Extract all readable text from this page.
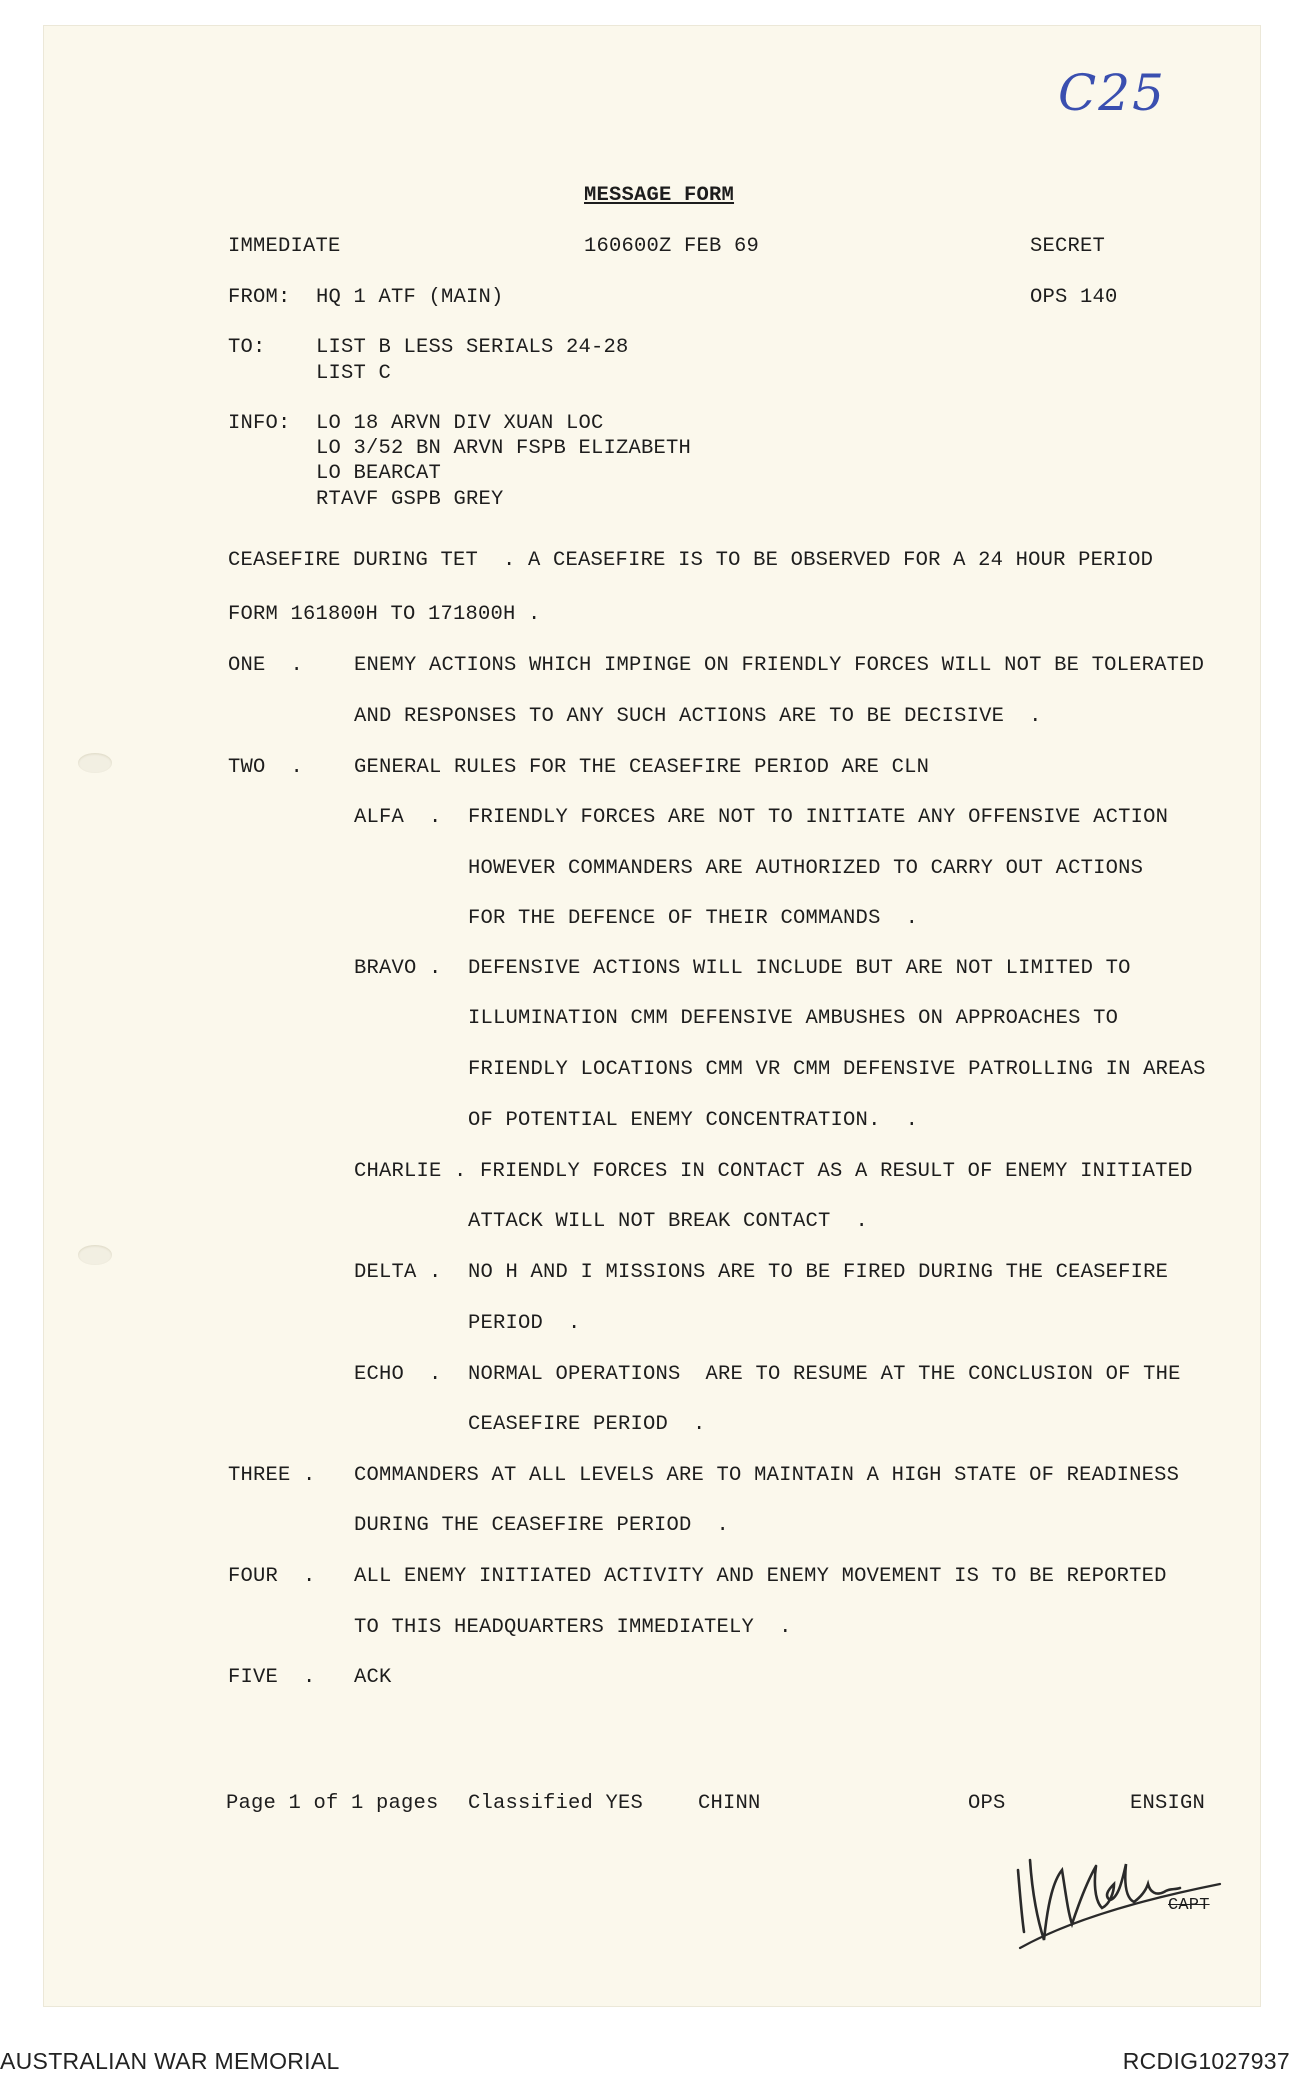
C25
MESSAGE FORM
IMMEDIATE	160600Z FEB 69	SECRET
FROM: HQ 1 ATF (MAIN)	OPS 140
TO: LIST B LESS SERIALS 24-28
LIST C
INFO: LO 18 ARVN DIV XUAN LOC
LO 3/52 BN ARVN FSPB ELIZABETH
LO BEARCAT
RTAVF GSPB GREY
CEASEFIRE DURING TET  . A CEASEFIRE IS TO BE OBSERVED FOR A 24 HOUR PERIOD
FORM 161800H TO 171800H .
ONE  . ENEMY ACTIONS WHICH IMPINGE ON FRIENDLY FORCES WILL NOT BE TOLERATED
AND RESPONSES TO ANY SUCH ACTIONS ARE TO BE DECISIVE  .
TWO  . GENERAL RULES FOR THE CEASEFIRE PERIOD ARE CLN
ALFA  . FRIENDLY FORCES ARE NOT TO INITIATE ANY OFFENSIVE ACTION
HOWEVER COMMANDERS ARE AUTHORIZED TO CARRY OUT ACTIONS
FOR THE DEFENCE OF THEIR COMMANDS  .
BRAVO . DEFENSIVE ACTIONS WILL INCLUDE BUT ARE NOT LIMITED TO
ILLUMINATION CMM DEFENSIVE AMBUSHES ON APPROACHES TO
FRIENDLY LOCATIONS CMM VR CMM DEFENSIVE PATROLLING IN AREAS
OF POTENTIAL ENEMY CONCENTRATION.  .
CHARLIE . FRIENDLY FORCES IN CONTACT AS A RESULT OF ENEMY INITIATED
ATTACK WILL NOT BREAK CONTACT  .
DELTA . NO H AND I MISSIONS ARE TO BE FIRED DURING THE CEASEFIRE
PERIOD  .
ECHO  . NORMAL OPERATIONS  ARE TO RESUME AT THE CONCLUSION OF THE
CEASEFIRE PERIOD  .
THREE . COMMANDERS AT ALL LEVELS ARE TO MAINTAIN A HIGH STATE OF READINESS
DURING THE CEASEFIRE PERIOD  .
FOUR  . ALL ENEMY INITIATED ACTIVITY AND ENEMY MOVEMENT IS TO BE REPORTED
TO THIS HEADQUARTERS IMMEDIATELY  .
FIVE  . ACK
Page 1 of 1 pages Classified YES	CHINN	OPS	ENSIGN
CAPT
AUSTRALIAN WAR MEMORIAL	RCDIG1027937
